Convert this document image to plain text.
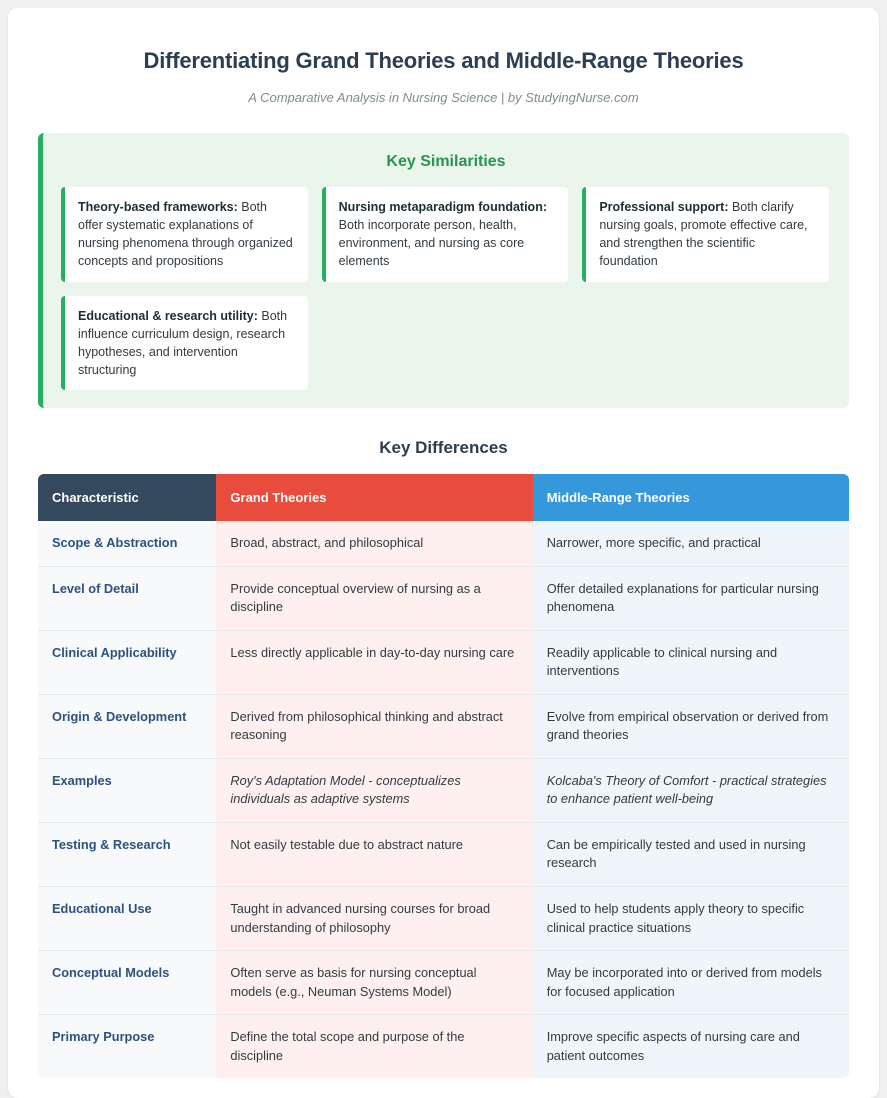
Differentiating Grand Theories and Middle-Range Theories

A Comparative Analysis in Nursing Science | by StudyingNurse.com

Key Similarities
Theory-based frameworks: Both offer systematic explanations of nursing phenomena through organized concepts and propositions
Nursing metaparadigm foundation: Both incorporate person, health, environment, and nursing as core elements
Professional support: Both clarify nursing goals, promote effective care, and strengthen the scientific foundation
Educational & research utility: Both influence curriculum design, research hypotheses, and intervention structuring
Key Differences
Characteristic	Grand Theories	Middle-Range Theories
Scope & Abstraction	Broad, abstract, and philosophical	Narrower, more specific, and practical
Level of Detail	Provide conceptual overview of nursing as a discipline	Offer detailed explanations for particular nursing phenomena
Clinical Applicability	Less directly applicable in day-to-day nursing care	Readily applicable to clinical nursing and interventions
Origin & Development	Derived from philosophical thinking and abstract reasoning	Evolve from empirical observation or derived from grand theories
Examples	Roy's Adaptation Model - conceptualizes individuals as adaptive systems	Kolcaba's Theory of Comfort - practical strategies to enhance patient well-being
Testing & Research	Not easily testable due to abstract nature	Can be empirically tested and used in nursing research
Educational Use	Taught in advanced nursing courses for broad understanding of philosophy	Used to help students apply theory to specific clinical practice situations
Conceptual Models	Often serve as basis for nursing conceptual models (e.g., Neuman Systems Model)	May be incorporated into or derived from models for focused application
Primary Purpose	Define the total scope and purpose of the discipline	Improve specific aspects of nursing care and patient outcomes
